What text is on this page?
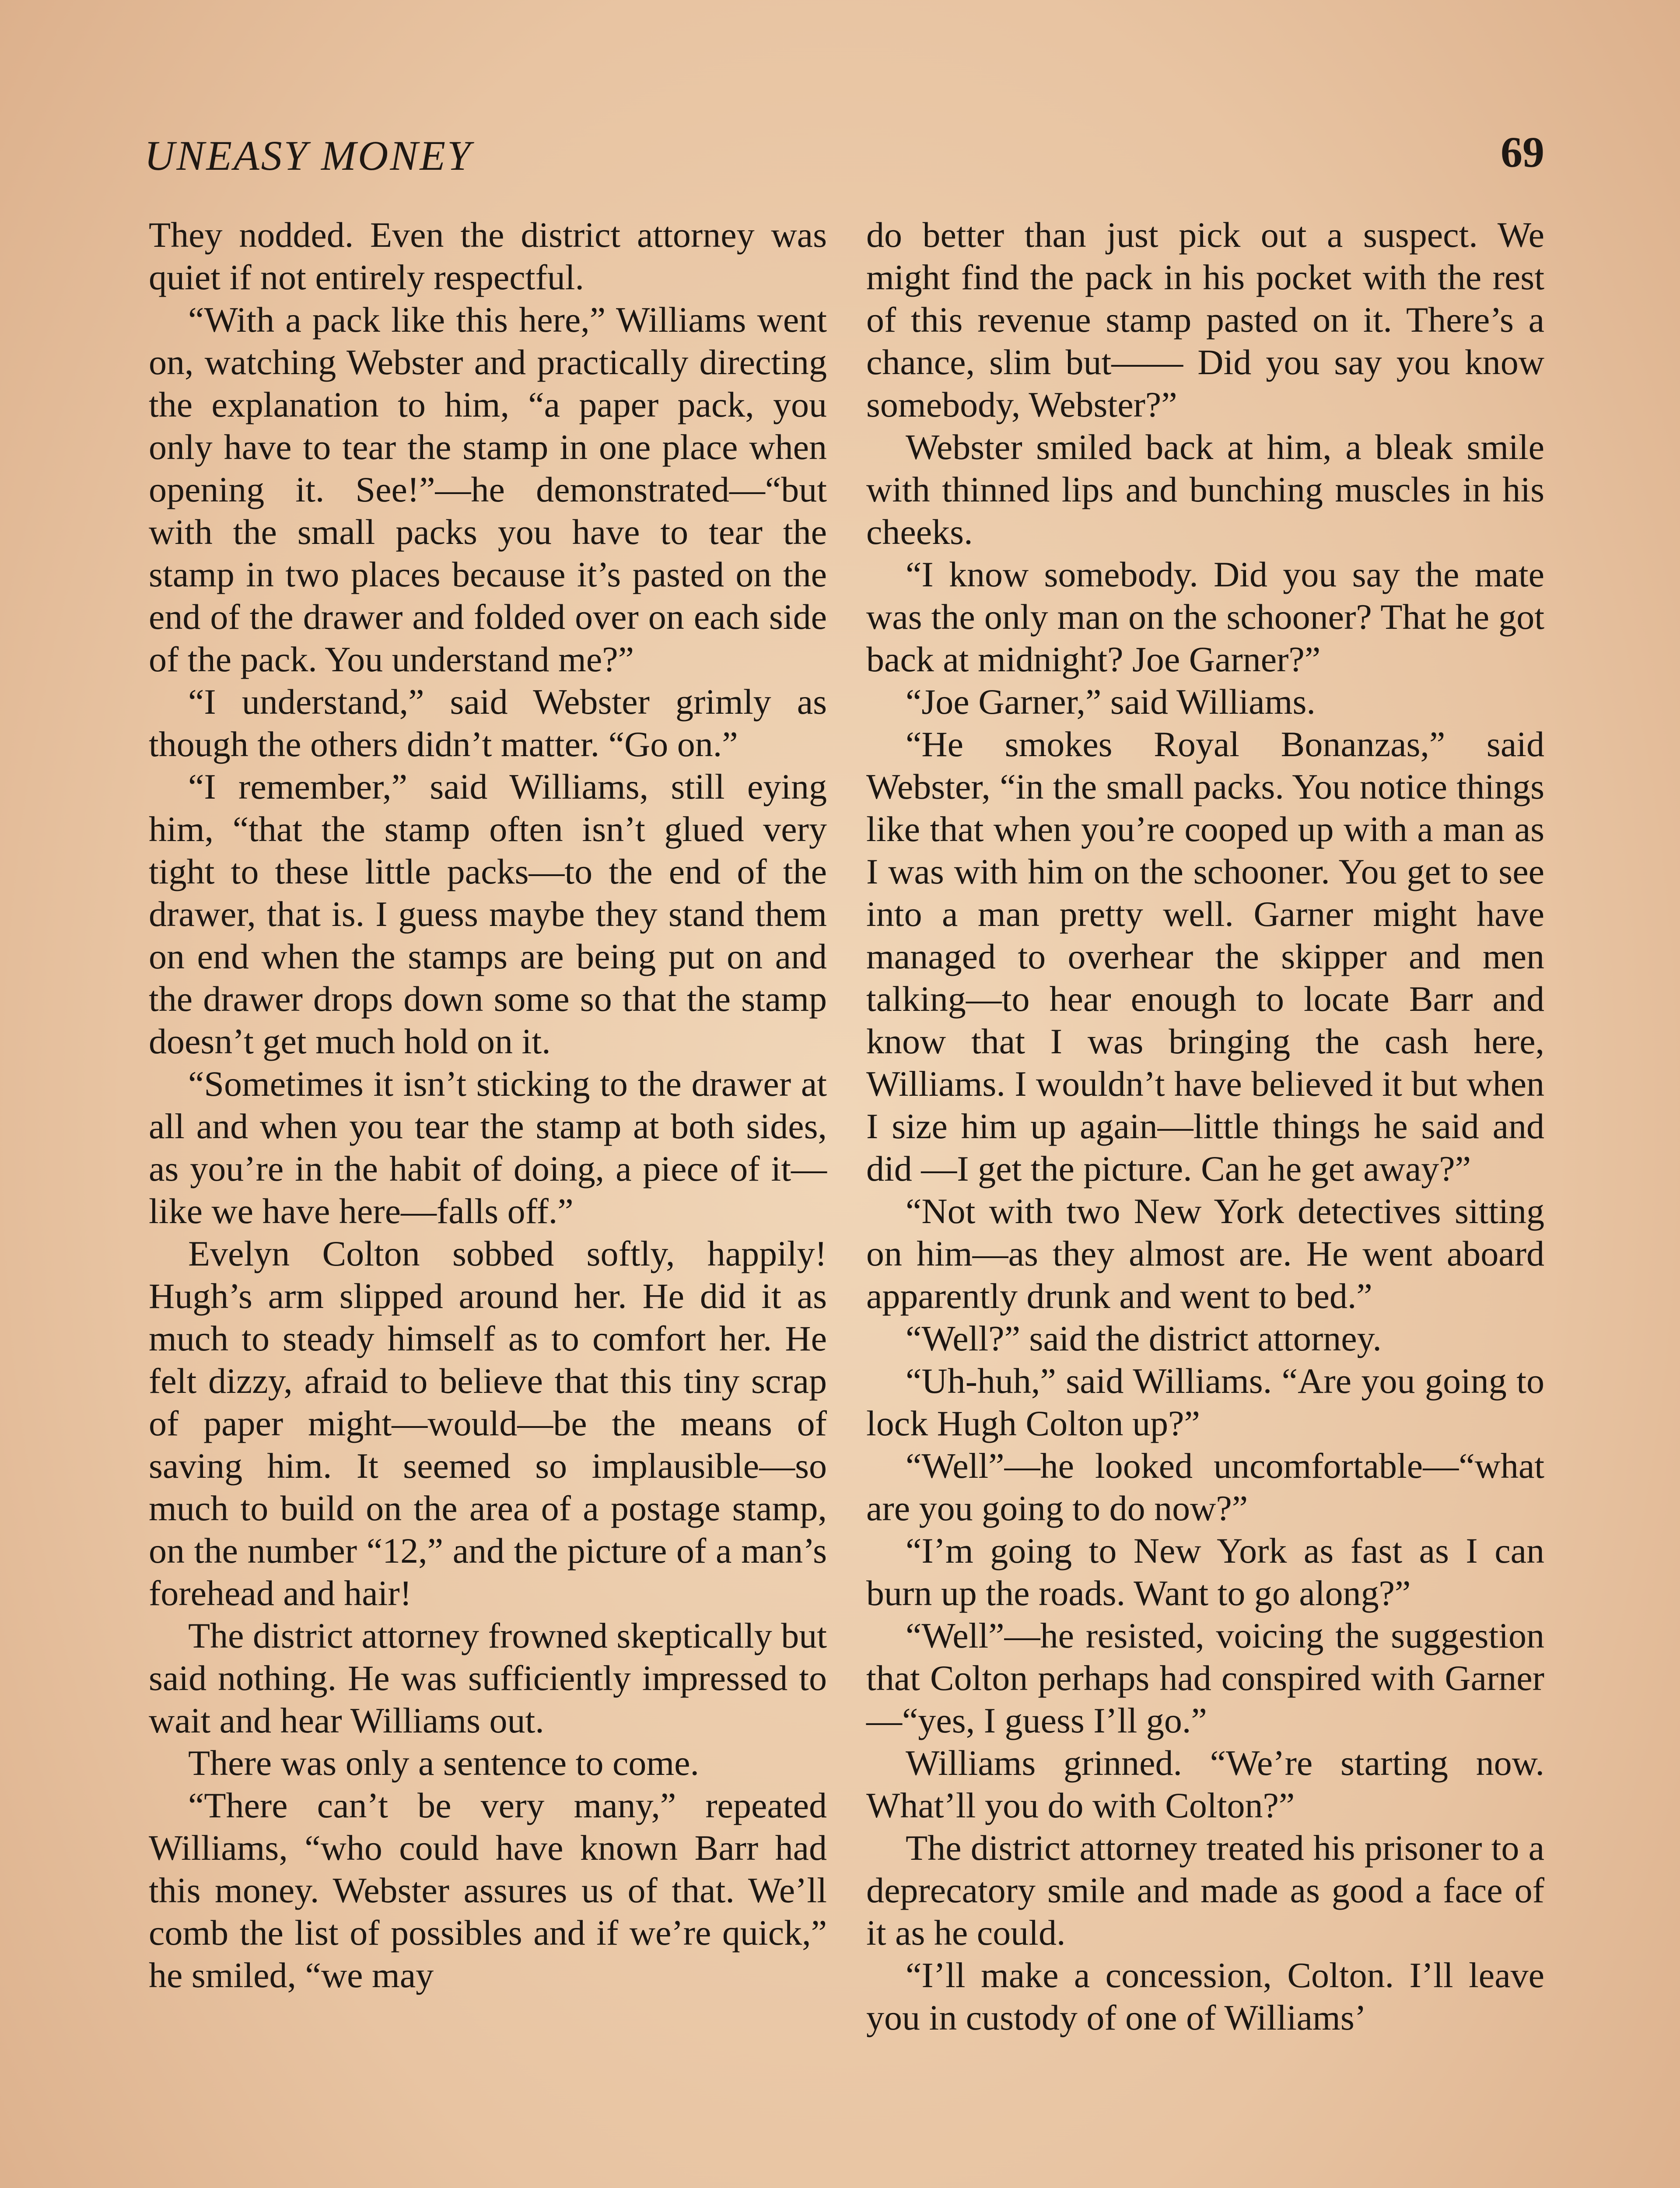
UNEASY MONEY	69

They nodded. Even the district attorney was quiet if not entirely respectful.

“With a pack like this here,” Williams went on, watching Webster and practically directing the explanation to him, “a paper pack, you only have to tear the stamp in one place when opening it. See!”—he demonstrated—“but with the small packs you have to tear the stamp in two places because it’s pasted on the end of the drawer and folded over on each side of the pack. You understand me?”

“I understand,” said Webster grimly as though the others didn’t matter. “Go on.”

“I remember,” said Williams, still eying him, “that the stamp often isn’t glued very tight to these little packs—to the end of the drawer, that is. I guess maybe they stand them on end when the stamps are being put on and the drawer drops down some so that the stamp doesn’t get much hold on it.

“Sometimes it isn’t sticking to the drawer at all and when you tear the stamp at both sides, as you’re in the habit of doing, a piece of it—like we have here—falls off.”

Evelyn Colton sobbed softly, happily! Hugh’s arm slipped around her. He did it as much to steady himself as to comfort her. He felt dizzy, afraid to believe that this tiny scrap of paper might—would—be the means of saving him. It seemed so implausible—so much to build on the area of a postage stamp, on the number “12,” and the picture of a man’s forehead and hair!

The district attorney frowned skeptically but said nothing. He was sufficiently impressed to wait and hear Williams out.

There was only a sentence to come.

“There can’t be very many,” repeated Williams, “who could have known Barr had this money. Webster assures us of that. We’ll comb the list of possibles and if we’re quick,” he smiled, “we may

do better than just pick out a suspect. We might find the pack in his pocket with the rest of this revenue stamp pasted on it. There’s a chance, slim but—— Did you say you know somebody, Webster?”

Webster smiled back at him, a bleak smile with thinned lips and bunching muscles in his cheeks.

“I know somebody. Did you say the mate was the only man on the schooner? That he got back at midnight? Joe Garner?”

“Joe Garner,” said Williams.

“He smokes Royal Bonanzas,” said Webster, “in the small packs. You notice things like that when you’re cooped up with a man as I was with him on the schooner. You get to see into a man pretty well. Garner might have managed to overhear the skipper and men talking—to hear enough to locate Barr and know that I was bringing the cash here, Williams. I wouldn’t have believed it but when I size him up again—little things he said and did —I get the picture. Can he get away?”

“Not with two New York detectives sitting on him—as they almost are. He went aboard apparently drunk and went to bed.”

“Well?” said the district attorney.

“Uh-huh,” said Williams. “Are you going to lock Hugh Colton up?”

“Well”—he looked uncomfortable—“what are you going to do now?”

“I’m going to New York as fast as I can burn up the roads. Want to go along?”

“Well”—he resisted, voicing the suggestion that Colton perhaps had conspired with Garner—“yes, I guess I’ll go.”

Williams grinned. “We’re starting now. What’ll you do with Colton?”

The district attorney treated his prisoner to a deprecatory smile and made as good a face of it as he could.

“I’ll make a concession, Colton. I’ll leave you in custody of one of Williams’
